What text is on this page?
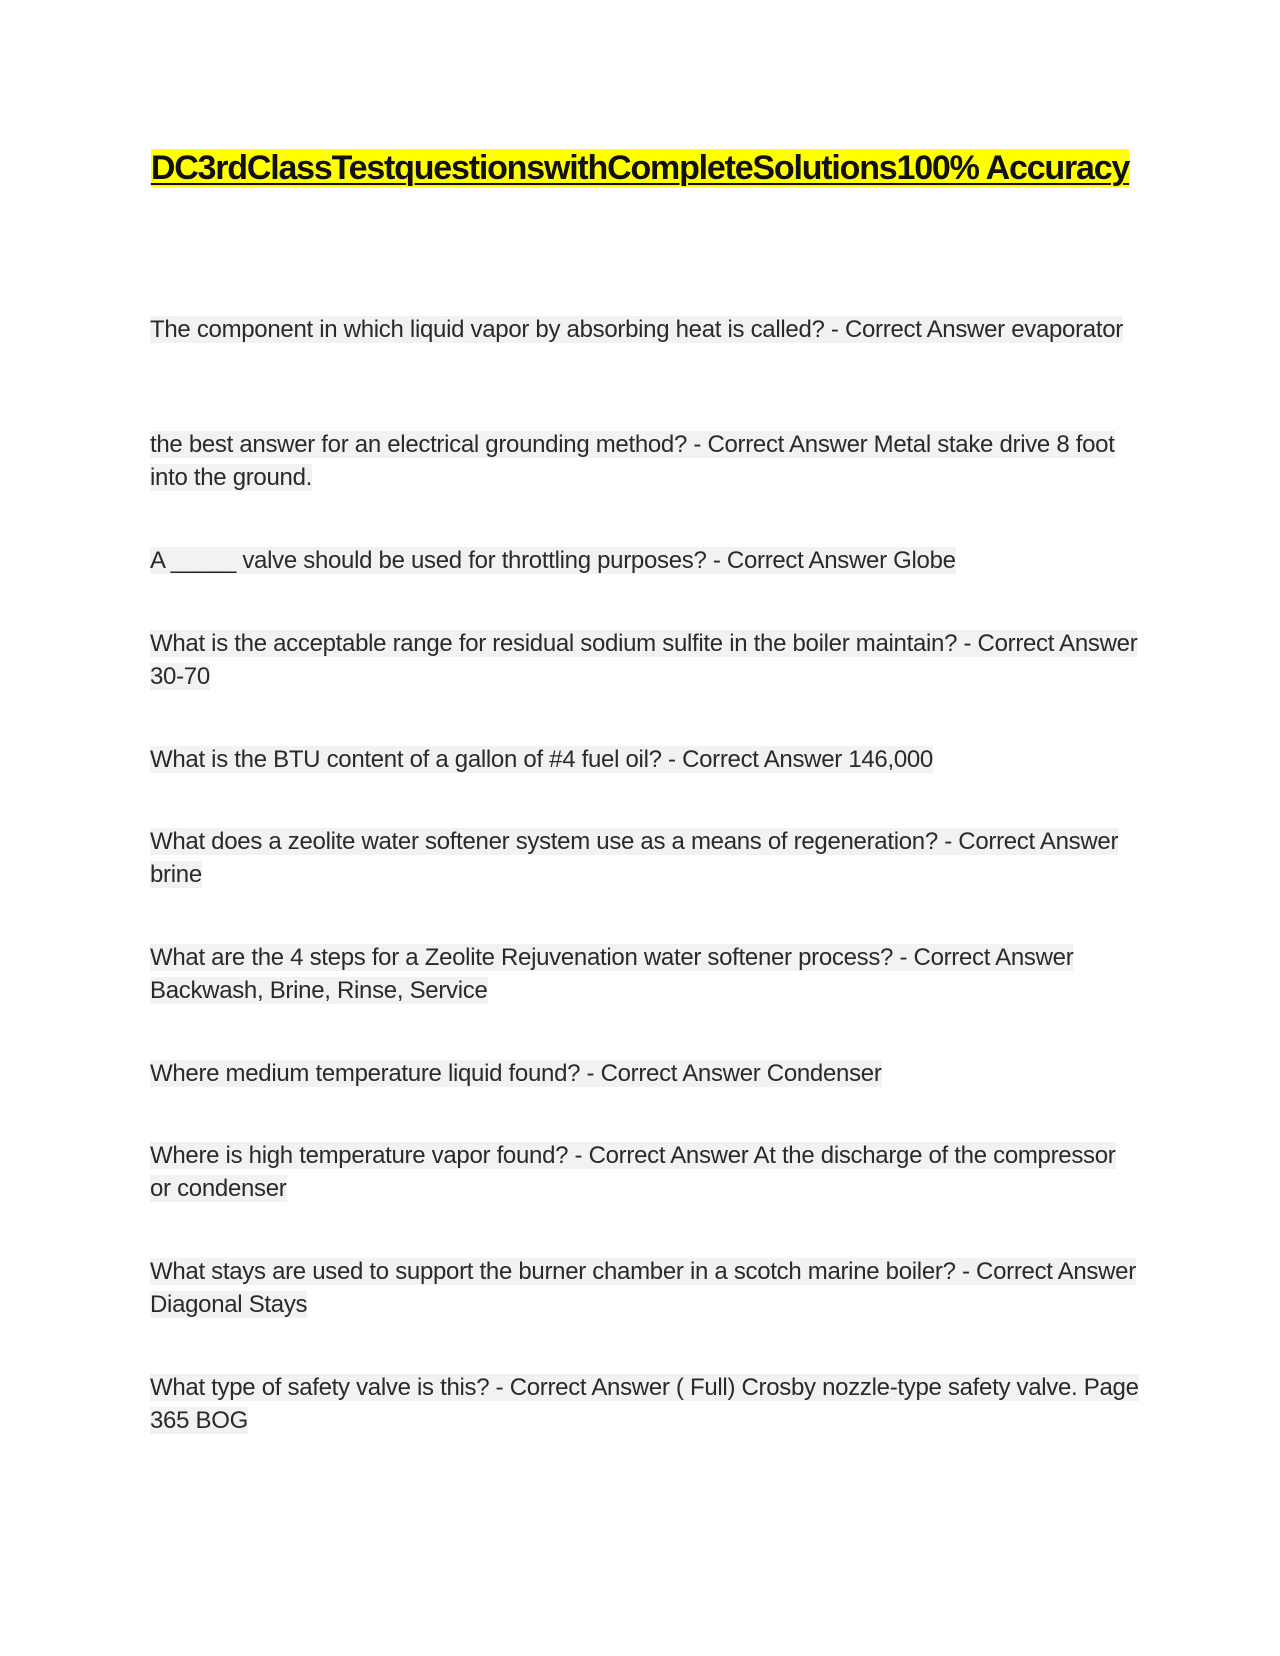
DC3rdClassTestquestionswithCompleteSolutions100% Accuracy
The component in which liquid vapor by absorbing heat is called? - Correct Answer evaporator
the best answer for an electrical grounding method? - Correct Answer Metal stake drive 8 foot into the ground.
A _____ valve should be used for throttling purposes? - Correct Answer Globe
What is the acceptable range for residual sodium sulfite in the boiler maintain? - Correct Answer 30-70
What is the BTU content of a gallon of #4 fuel oil? - Correct Answer 146,000
What does a zeolite water softener system use as a means of regeneration? - Correct Answer brine
What are the 4 steps for a Zeolite Rejuvenation water softener process? - Correct Answer Backwash, Brine, Rinse, Service
Where medium temperature liquid found? - Correct Answer Condenser
Where is high temperature vapor found? - Correct Answer At the discharge of the compressor or condenser
What stays are used to support the burner chamber in a scotch marine boiler? - Correct Answer Diagonal Stays
What type of safety valve is this? - Correct Answer ( Full) Crosby nozzle-type safety valve. Page 365 BOG
